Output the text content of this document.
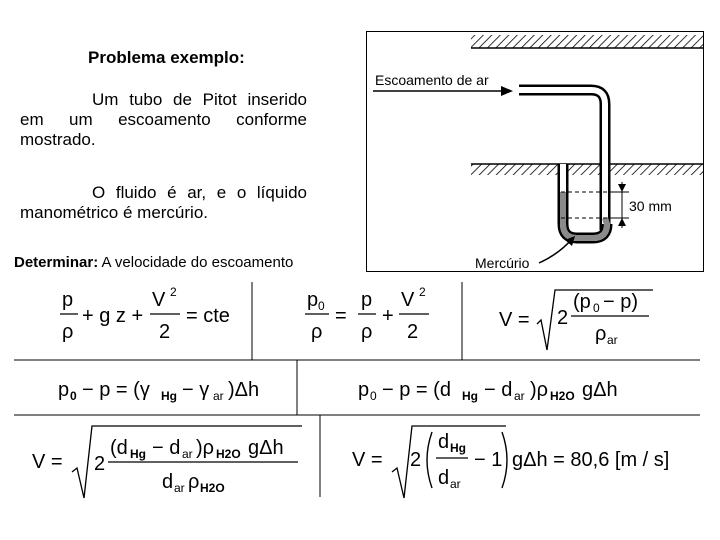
Problema exemplo:
Um tubo de Pitot inserido em um escoamento conforme mostrado.
O fluido é ar, e o líquido manométrico é mercúrio.
Determinar: A velocidade do escoamento
Escoamento de ar
30 mm
Mercúrio
p
ρ
+ g z +
V 2
2
= cte
p 0
ρ
=
p
ρ
+
V 2
2
V = 2
(p 0 − p)
ρ ar
p 0 − p = (γ Hg − γ ar )Δh	p 0 − p = (d Hg − d ar )ρ H2O gΔh
V = 2
(d Hg − d ar )ρ H2O gΔh
d ar ρ H2O
V = 2
d Hg
d ar
− 1 gΔh = 80,6 [m / s]
